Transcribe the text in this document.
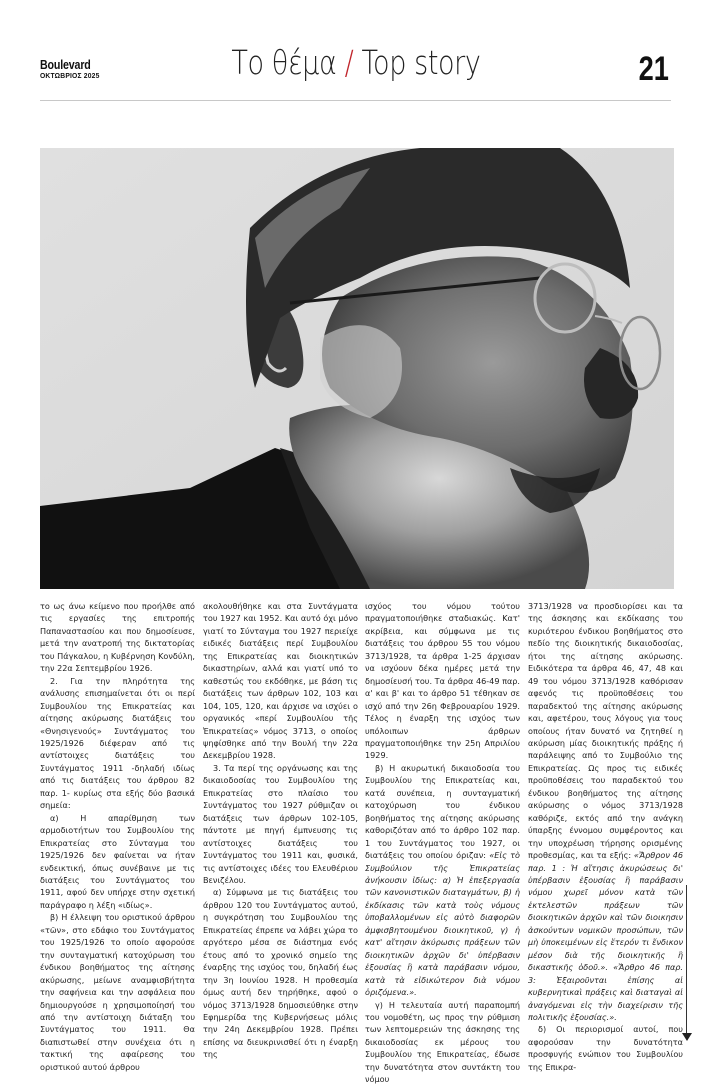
Boulevard
ΟΚΤΩΒΡΙΟΣ 2025	Το θέμα / Top story	21

το ως άνω κείμενο που προήλθε από τις εργασίες της επιτροπής Παπαναστασίου και που δημοσίευσε, μετά την ανατροπή της δικτατορίας του Πάγκαλου, η Κυβέρνηση Κονδύλη, την 22α Σεπτεμβρίου 1926.

2. Για την πληρότητα της ανάλυσης επισημαίνεται ότι οι περί Συμβουλίου της Επικρατείας και αίτησης ακύρωσης διατάξεις του «Θνησιγενούς» Συντάγματος του 1925/1926 διέφεραν από τις αντίστοιχες διατάξεις του Συντάγματος 1911 -δηλαδή ιδίως από τις διατάξεις του άρθρου 82 παρ. 1- κυρίως στα εξής δύο βασικά σημεία:

α) Η απαρίθμηση των αρμοδιοτήτων του Συμβουλίου της Επικρατείας στο Σύνταγμα του 1925/1926 δεν φαίνεται να ήταν ενδεικτική, όπως συνέβαινε με τις διατάξεις του Συντάγματος του 1911, αφού δεν υπήρχε στην σχετική παράγραφο η λέξη «ιδίως».

β) Η έλλειψη του οριστικού άρθρου «τῶν», στο εδάφιο του Συντάγματος του 1925/1926 το οποίο αφορούσε την συνταγματική κατοχύρωση του ένδικου βοηθήματος της αίτησης ακύρωσης, μείωνε αναμφισβήτητα την σαφήνεια και την ασφάλεια που δημιουργούσε η χρησιμοποίησή του από την αντίστοιχη διάταξη του Συντάγματος του 1911. Θα διαπιστωθεί στην συνέχεια ότι η τακτική της αφαίρεσης του οριστικού αυτού άρθρου

ακολουθήθηκε και στα Συντάγματα του 1927 και 1952. Και αυτό όχι μόνο γιατί το Σύνταγμα του 1927 περιείχε ειδικές διατάξεις περί Συμβουλίου της Επικρατείας και διοικητικών δικαστηρίων, αλλά και γιατί υπό το καθεστώς του εκδόθηκε, με βάση τις διατάξεις των άρθρων 102, 103 και 104, 105, 120, και άρχισε να ισχύει ο οργανικός «περί Συμβουλίου τῆς Ἐπικρατείας» νόμος 3713, ο οποίος ψηφίσθηκε από την Βουλή την 22α Δεκεμβρίου 1928.

3. Τα περί της οργάνωσης και της δικαιοδοσίας του Συμβουλίου της Επικρατείας στο πλαίσιο του Συντάγματος του 1927 ρύθμιζαν οι διατάξεις των άρθρων 102-105, πάντοτε με πηγή έμπνευσης τις αντίστοιχες διατάξεις του Συντάγματος του 1911 και, φυσικά, τις αντίστοιχες ιδέες του Ελευθέριου Βενιζέλου.

α) Σύμφωνα με τις διατάξεις του άρθρου 120 του Συντάγματος αυτού, η συγκρότηση του Συμβουλίου της Επικρατείας έπρεπε να λάβει χώρα το αργότερο μέσα σε διάστημα ενός έτους από το χρονικό σημείο της έναρξης της ισχύος του, δηλαδή έως την 3η Ιουνίου 1928. Η προθεσμία όμως αυτή δεν τηρήθηκε, αφού ο νόμος 3713/1928 δημοσιεύθηκε στην Εφημερίδα της Κυβερνήσεως μόλις την 24η Δεκεμβρίου 1928. Πρέπει επίσης να διευκρινισθεί ότι η έναρξη της

ισχύος του νόμου τούτου πραγματοποιήθηκε σταδιακώς. Κατ' ακρίβεια, και σύμφωνα με τις διατάξεις του άρθρου 55 του νόμου 3713/1928, τα άρθρα 1-25 άρχισαν να ισχύουν δέκα ημέρες μετά την δημοσίευσή του. Τα άρθρα 46-49 παρ. α' και β' και το άρθρο 51 τέθηκαν σε ισχύ από την 26η Φεβρουαρίου 1929. Τέλος η έναρξη της ισχύος των υπόλοιπων άρθρων πραγματοποιήθηκε την 25η Απριλίου 1929.

β) Η ακυρωτική δικαιοδοσία του Συμβουλίου της Επικρατείας και, κατά συνέπεια, η συνταγματική κατοχύρωση του ένδικου βοηθήματος της αίτησης ακύρωσης καθοριζόταν από το άρθρο 102 παρ. 1 του Συντάγματος του 1927, οι διατάξεις του οποίου όριζαν: «Εἰς τὸ Συμβούλιον τῆς Ἐπικρατείας ἀνήκουσιν ἰδίως: α) Ἡ ἐπεξεργασία τῶν κανονιστικῶν διαταγμάτων, β) ἡ ἐκδίκασις τῶν κατὰ τοὺς νόμους ὑποβαλλομένων εἰς αὐτὸ διαφορῶν ἀμφισβητουμένου διοικητικοῦ, γ) ἡ κατ' αἴτησιν ἀκύρωσις πράξεων τῶν διοικητικῶν ἀρχῶν δι' ὑπέρβασιν ἐξουσίας ἢ κατὰ παράβασιν νόμου, κατὰ τὰ εἰδικώτερον διὰ νόμου ὁριζόμενα.».

γ) Η τελευταία αυτή παραπομπή του νομοθέτη, ως προς την ρύθμιση των λεπτομερειών της άσκησης της δικαιοδοσίας εκ μέρους του Συμβουλίου της Επικρατείας, έδωσε την δυνατότητα στον συντάκτη του νόμου

3713/1928 να προσδιορίσει και τα της άσκησης και εκδίκασης του κυριότερου ένδικου βοηθήματος στο πεδίο της διοικητικής δικαιοδοσίας, ήτοι της αίτησης ακύρωσης. Ειδικότερα τα άρθρα 46, 47, 48 και 49 του νόμου 3713/1928 καθόρισαν αφενός τις προϋποθέσεις του παραδεκτού της αίτησης ακύρωσης και, αφετέρου, τους λόγους για τους οποίους ήταν δυνατό να ζητηθεί η ακύρωση μίας διοικητικής πράξης ή παράλειψης από το Συμβούλιο της Επικρατείας. Ως προς τις ειδικές προϋποθέσεις του παραδεκτού του ένδικου βοηθήματος της αίτησης ακύρωσης ο νόμος 3713/1928 καθόριζε, εκτός από την ανάγκη ύπαρξης έννομου συμφέροντος και την υποχρέωση τήρησης ορισμένης προθεσμίας, και τα εξής: «Ἄρθρον 46 παρ. 1 : Ἡ αἴτησις ἀκυρώσεως δι' ὑπέρβασιν ἐξουσίας ἢ παράβασιν νόμου χωρεῖ μόνον κατὰ τῶν ἐκτελεστῶν πράξεων τῶν διοικητικῶν ἀρχῶν καὶ τῶν διοικησιν ἀσκούντων νομικῶν προσώπων, τῶν μὴ ὑποκειμένων εἰς ἕτερόν τι ἔνδικον μέσον διὰ τῆς διοικητικῆς ἢ δικαστικῆς ὁδοῦ.». «Ἄρθρο 46 παρ. 3: Ἐξαιροῦνται ἐπίσης αἱ κυβερνητικαὶ πράξεις καὶ διαταγαὶ αἱ ἀναγόμεναι εἰς τὴν διαχείρισιν τῆς πολιτικῆς ἐξουσίας.».

δ) Οι περιορισμοί αυτοί, που αφορούσαν την δυνατότητα προσφυγής ενώπιον του Συμβουλίου της Επικρα-
